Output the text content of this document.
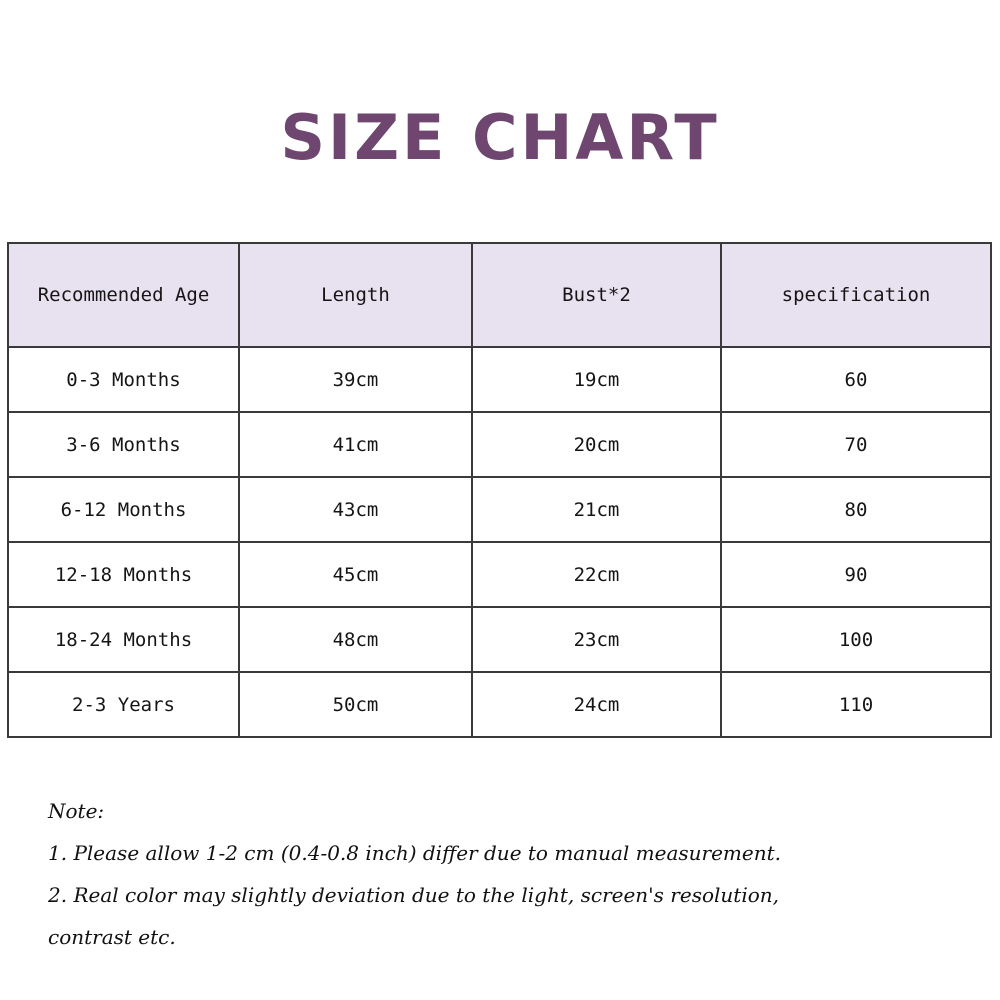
SIZE CHART
Recommended Age	Length	Bust*2	specification
0-3 Months	39cm	19cm	60
3-6 Months	41cm	20cm	70
6-12 Months	43cm	21cm	80
12-18 Months	45cm	22cm	90
18-24 Months	48cm	23cm	100
2-3 Years	50cm	24cm	110
Note:
1. Please allow 1-2 cm (0.4-0.8 inch) differ due to manual measurement.
2. Real color may slightly deviation due to the light, screen's resolution,
contrast etc.
